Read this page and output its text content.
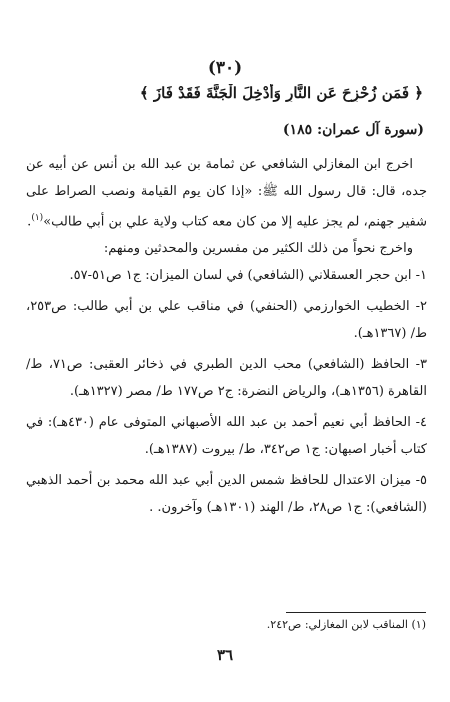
(٣٠)
﴿ فَمَن زُحْزِحَ عَنِ النَّارِ وَأُدْخِلَ الْجَنَّةَ فَقَدْ فَازَ ﴾
(سورة آل عمران: ١٨٥)

اخرج ابن المغازلي الشافعي عن ثمامة بن عبد الله بن أنس عن أبيه عن جده، قال: قال رسول الله ﷺ: «إذا كان يوم القيامة ونصب الصراط على شفير جهنم، لم يجز عليه إلا من كان معه كتاب ولاية علي بن أبي طالب»$^{(١)}$.

واخرج نحواً من ذلك الكثير من مفسرين والمحدثين ومنهم:

١- ابن حجر العسقلاني (الشافعي) في لسان الميزان: ج١ ص٥١-٥٧.

٢- الخطيب الخوارزمي (الحنفي) في مناقب علي بن أبي طالب: ص٢٥٣، ط/ (١٣٦٧هـ).

٣- الحافظ (الشافعي) محب الدين الطبري في ذخائر العقبى: ص٧١، ط/ القاهرة (١٣٥٦هـ)، والرياض النضرة: ج٢ ص١٧٧ ط/ مصر (١٣٢٧هـ).

٤- الحافظ أبي نعيم أحمد بن عبد الله الأصبهاني المتوفى عام (٤٣٠هـ): في كتاب أخبار اصبهان: ج١ ص٣٤٢، ط/ بيروت (١٣٨٧هـ).

٥- ميزان الاعتدال للحافظ شمس الدين أبي عبد الله محمد بن أحمد الذهبي (الشافعي): ج١ ص٢٨، ط/ الهند (١٣٠١هـ) وآخرون. .

(١) المناقب لابن المغازلي: ص٢٤٢.
٣٦
